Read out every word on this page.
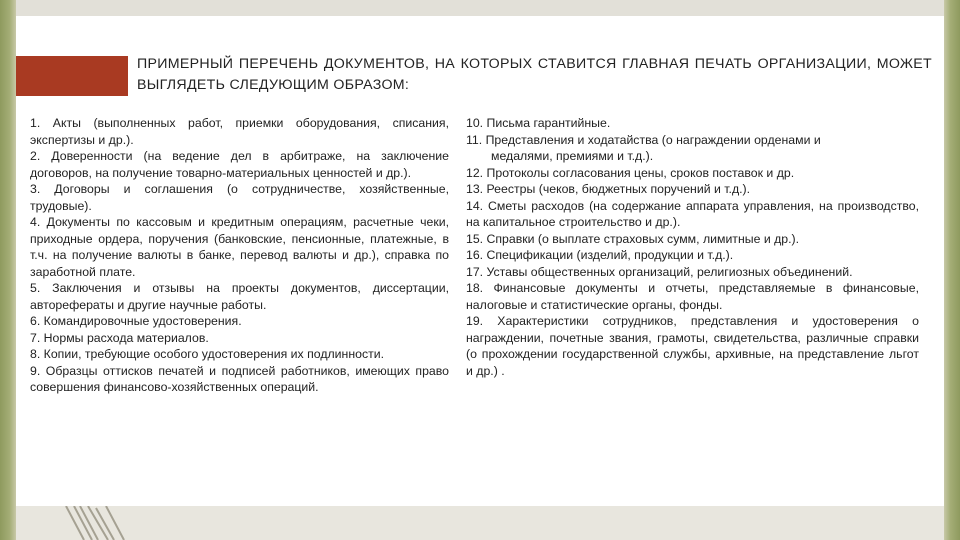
ПРИМЕРНЫЙ ПЕРЕЧЕНЬ ДОКУМЕНТОВ, НА КОТОРЫХ СТАВИТСЯ ГЛАВНАЯ ПЕЧАТЬ ОРГАНИЗАЦИИ, МОЖЕТ ВЫГЛЯДЕТЬ СЛЕДУЮЩИМ ОБРАЗОМ:

1. Акты (выполненных работ, приемки оборудования, списания, экспертизы и др.).

2. Доверенности (на ведение дел в арбитраже, на заключение договоров, на получение товарно-материальных ценностей и др.).

3. Договоры и соглашения (о сотрудничестве, хозяйственные, трудовые).

4. Документы по кассовым и кредитным операциям, расчетные чеки, приходные ордера, поручения (банковские, пенсионные, платежные, в т.ч. на получение валюты в банке, перевод валюты и др.), справка по заработной плате.

5. Заключения и отзывы на проекты документов, диссертации, авторефераты и другие научные работы.

6. Командировочные удостоверения.

7. Нормы расхода материалов.

8. Копии, требующие особого удостоверения их подлинности.

9. Образцы оттисков печатей и подписей работников, имеющих право совершения финансово-хозяйственных операций.

10. Письма гарантийные.

11. Представления и ходатайства (о награждении орденами и

медалями, премиями и т.д.).

12. Протоколы согласования цены, сроков поставок и др.

13. Реестры (чеков, бюджетных поручений и т.д.).

14. Сметы расходов (на содержание аппарата управления, на производство, на капитальное строительство и др.).

15. Справки (о выплате страховых сумм, лимитные и др.).

16. Спецификации (изделий, продукции и т.д.).

17. Уставы общественных организаций, религиозных объединений.

18. Финансовые документы и отчеты, представляемые в финансовые, налоговые и статистические органы, фонды.

19. Характеристики сотрудников, представления и удостоверения о награждении, почетные звания, грамоты, свидетельства, различные справки (о прохождении государственной службы, архивные, на представление льгот и др.) .
